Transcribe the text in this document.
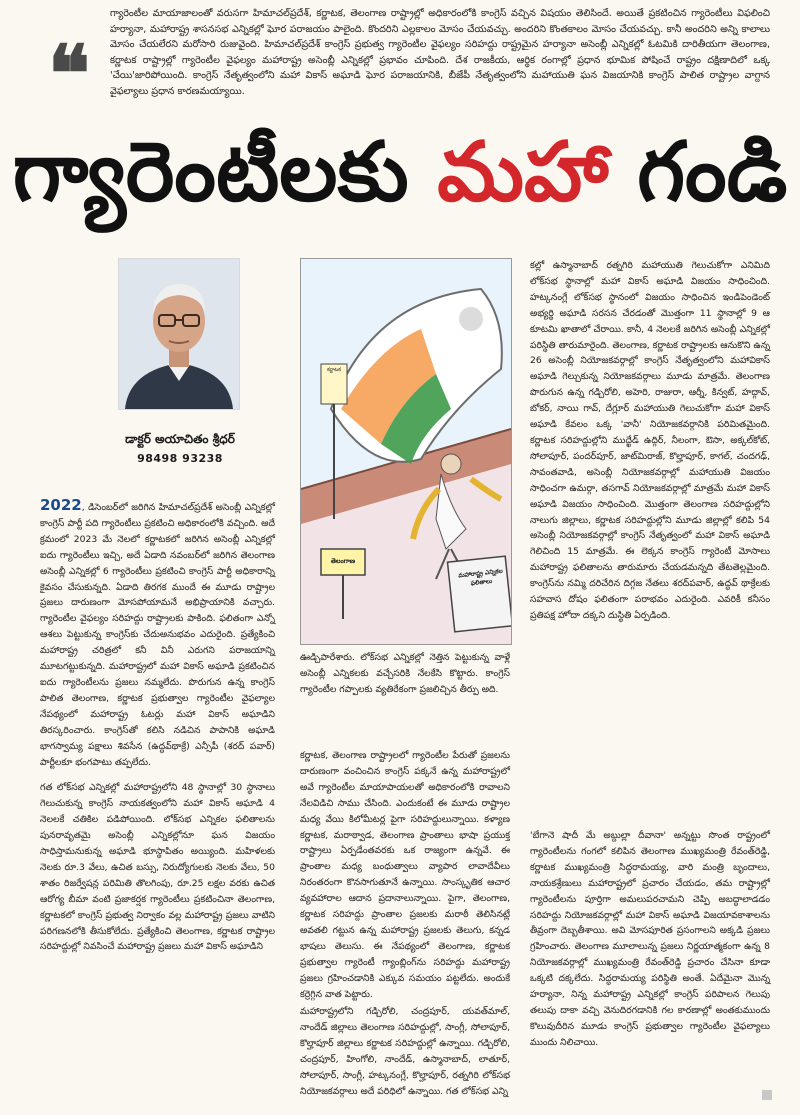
❝
గ్యారెంటీల మాయాజాలంతో వరుసగా హిమాచల్‌ప్రదేశ్, కర్ణాటక, తెలంగాణ రాష్ట్రాల్లో అధికారంలోకి కాంగ్రెస్ వచ్చిన విషయం తెలిసిందే. అయితే ప్రకటించిన గ్యారెంటీలు విఫలించి హర్యానా, మహారాష్ట్ర శాసనసభ ఎన్నికల్లో ఘోర పరాజయం పాలైంది. కొందరిని ఎల్లకాలం మోసం చేయవచ్చు. అందరిని కొంతకాలం మోసం చేయవచ్చు. కానీ అందరిని అన్ని కాలాలు మోసం చేయలేరని మరోసారి రుజువైంది. హిమాచల్‌ప్రదేశ్ కాంగ్రెస్ ప్రభుత్వ గ్యారెంటీల వైఫల్యం సరిహద్దు రాష్ట్రమైన హర్యానా అసెంబ్లీ ఎన్నికల్లో ఓటమికి దారితీయగా తెలంగాణ, కర్ణాటక రాష్ట్రాల్లో గ్యారెంటీల వైఫల్యం మహారాష్ట్ర అసెంబ్లీ ఎన్నికల్లో ప్రభావం చూపింది. దేశ రాజకీయ, ఆర్థిక రంగాల్లో ప్రధాన భూమిక పోషించే రాష్ట్రం దక్షిణాదిలో ఒక్క 'చేయి'జారిపోయింది. కాంగ్రెస్ నేతృత్వంలోని మహా వికాస్ అఘాడి ఘోర పరాజయానికి, బీజేపీ నేతృత్వంలోని మహాయుతి ఘన విజయానికి కాంగ్రెస్ పాలిత రాష్ట్రాల వాగ్దాన వైఫల్యాలు ప్రధాన కారణమయ్యాయి.
గ్యారెంటీలకు మహా గండి
డాక్టర్ అయాచితం శ్రీధర్
98498 93238

2022, డిసెంబర్‌లో జరిగిన హిమాచల్‌ప్రదేశ్ అసెంబ్లీ ఎన్నికల్లో కాంగ్రెస్ పార్టీ పది గ్యారెంటీలు ప్రకటించి అధికారంలోకి వచ్చింది. అదే క్రమంలో 2023 మే నెలలో కర్ణాటకలో జరిగిన అసెంబ్లీ ఎన్నికల్లో ఐదు గ్యారెంటీలు ఇచ్చి, అదే ఏడాది నవంబర్‌లో జరిగిన తెలంగాణ అసెంబ్లీ ఎన్నికల్లో 6 గ్యారెంటీలు ప్రకటించి కాంగ్రెస్ పార్టీ అధికారాన్ని కైవసం చేసుకున్నది. ఏడాది తిరగక ముందే ఈ మూడు రాష్ట్రాల ప్రజలు దారుణంగా మోసపోయామనే అభిప్రాయానికి వచ్చారు. గ్యారెంటీల వైఫల్యం సరిహద్దు రాష్ట్రాలకు పాకింది. ఫలితంగా ఎన్నో ఆశలు పెట్టుకున్న కాంగ్రెస్‌కు చేదుఅనుభవం ఎదురైంది. ప్రత్యేకించి మహారాష్ట్ర చరిత్రలో కనీ వినీ ఎరుగని పరాజయాన్ని మూటగట్టుకున్నది. మహారాష్ట్రలో మహా వికాస్ అఘాడి ప్రకటించిన ఐదు గ్యారెంటీలను ప్రజలు నమ్మలేదు. పొరుగున ఉన్న కాంగ్రెస్ పాలిత తెలంగాణ, కర్ణాటక ప్రభుత్వాల గ్యారెంటీల వైఫల్యాల నేపథ్యంలో మహారాష్ట్ర ఓటర్లు మహా వికాస్ అఘాడిని తిరస్కరించారు. కాంగ్రెస్‌తో కలిసి నడిచిన పాపానికి అఘాడి భాగస్వామ్య పక్షాలు శివసేన (ఉద్ధవ్‌థాక్రే) ఎన్సీపీ (శరద్ పవార్) పార్టీలకూ భంగపాటు తప్పలేదు.

గత లోక్‌సభ ఎన్నికల్లో మహారాష్ట్రలోని 48 స్థానాల్లో 30 స్థానాలు గెలుచుకున్న కాంగ్రెస్ నాయకత్వంలోని మహా వికాస్ అఘాడి 4 నెలలకే చతికిల పడిపోయింది. లోక్‌సభ ఎన్నికల ఫలితాలను పునరావృతమై అసెంబ్లీ ఎన్నికల్లోనూ ఘన విజయం సాధిస్తామనుకున్న అఘాడి భూస్థాపితం అయ్యింది. మహిళలకు నెలకు రూ.3 వేలు, ఉచిత బస్సు, నిరుద్యోగులకు నెలకు వేలు, 50 శాతం రిజర్వేషన్ల పరిమితి తొలగింపు, రూ.25 లక్షల వరకు ఉచిత ఆరోగ్య బీమా వంటి ప్రజాకర్షక గ్యారెంటీలు ప్రకటించినా తెలంగాణ, కర్ణాటకలో కాంగ్రెస్ ప్రభుత్వ నిర్వాకం వల్ల మహారాష్ట్ర ప్రజలు వాటిని పరిగణనలోకి తీసుకోలేదు. ప్రత్యేకించి తెలంగాణ, కర్ణాటక రాష్ట్రాల సరిహద్దుల్లో నివసించే మహారాష్ట్ర ప్రజలు మహా వికాస్ అఘాడిని

కర్ణాటక
తెలంగాణ
మహారాష్ట్ర ఎన్నికల ఫలితాలు
ఊడ్చిపారేశారు. లోక్‌సభ ఎన్నికల్లో నెత్తిన పెట్టుకున్న వాళ్లే అసెంబ్లీ ఎన్నికలకు వచ్చేసరికి నేలకేసి కొట్టారు. కాంగ్రెస్ గ్యారెంటీల గప్పాలకు వ్యతిరేకంగా ప్రజలిచ్చిన తీర్పు అది.
కర్ణాటక, తెలంగాణ రాష్ట్రాలలో గ్యారెంటీల పేరుతో ప్రజలను దారుణంగా వంచించిన కాంగ్రెస్ పక్కనే ఉన్న మహారాష్ట్రలో అవే గ్యారెంటీల మాయాపాయలతో అధికారంలోకి రావాలని నేలవిడిచి సాము చేసింది. ఎందుకంటే ఈ మూడు రాష్ట్రాల మధ్య వేయి కిలోమీటర్ల పైగా సరిహద్దులున్నాయి. కళ్యాణ కర్ణాటక, మరాఠ్వాడ, తెలంగాణ ప్రాంతాలు భాషా ప్రయుక్త రాష్ట్రాలు ఏర్పడేంతవరకు ఒక రాజ్యంగా ఉన్నవే. ఈ ప్రాంతాల మధ్య బంధుత్వాలు వ్యాపార లావాదేవీలు నిరంతరంగా కొనసాగుతూనే ఉన్నాయి. సాంస్కృతిక ఆచార వ్యవహారాల ఆదాన ప్రదానాలున్నాయి. పైగా, తెలంగాణ, కర్ణాటక సరిహద్దు ప్రాంతాల ప్రజలకు మరాఠీ తెలిసినట్లే అవతలి గట్టున ఉన్న మహారాష్ట్ర ప్రజలకు తెలుగు, కన్నడ భాషలు తెలుసు. ఈ నేపథ్యంలో తెలంగాణ, కర్ణాటక ప్రభుత్వాల గ్యారెంటీ గ్యాంబ్లింగ్‌ను సరిహద్దు మహారాష్ట్ర ప్రజలు గ్రహించడానికి ఎక్కువ సమయం పట్టలేదు. అందుకే కర్రెగ్గిన వాత పెట్టారు.
మహారాష్ట్రలోని గడ్చిరోలి, చంద్రపూర్, యవత్‌మాల్, నాందేడ్ జిల్లాలు తెలంగాణ సరిహద్దుల్లో, సాంగ్లీ, సోలాపూర్, కొల్హాపూర్ జిల్లాలు కర్ణాటక సరిహద్దుల్లో ఉన్నాయి. గడ్చిరోలి, చంద్రపూర్, హింగోలి, నాందేడ్, ఉస్మానాబాద్, లాతూర్, సోలాపూర్, సాంగ్లీ, హట్కనంగ్లే, కొల్హాపూర్, రత్నగిరి లోక్‌సభ నియోజకవర్గాలు అదే పరిధిలో ఉన్నాయి. గత లోక్‌సభ ఎన్ని
కల్లో ఉస్మానాబాద్ రత్నగిరి మహాయుతి గెలుచుకోగా ఎనిమిది లోక్‌సభ స్థానాల్లో మహా వికాస్ అఘాడి విజయం సాధించింది. హట్కనంగ్లే లోక్‌సభ స్థానంలో విజయం సాధించిన ఇండిపెండెంట్ అభ్యర్థి అఘాడి సరసన చేరడంతో మొత్తంగా 11 స్థానాల్లో 9 ఆ కూటమి ఖాతాలో చేరాయి. కానీ, 4 నెలలకే జరిగిన అసెంబ్లీ ఎన్నికల్లో పరిస్థితి తారుమారైంది. తెలంగాణ, కర్ణాటక రాష్ట్రాలకు ఆనుకొని ఉన్న 26 అసెంబ్లీ నియోజకవర్గాల్లో కాంగ్రెస్ నేతృత్వంలోని మహావికాస్ అఘాడి గెల్చుకున్న నియోజకవర్గాలు మూడు మాత్రమే. తెలంగాణ పొరుగున ఉన్న గడ్చిరోలి, అహెరి, రాజురా, ఆర్నీ, కిన్వట్, హద్గావ్, బోకర్, నాయి గావ్, దేగ్లూర్ మహాయుతి గెలుచుకోగా మహా వికాస్ అఘాడి కేవలం ఒక్క 'వానీ' నియోజకవర్గానికి పరిమితమైంది. కర్ణాటక సరిహద్దుల్లోని ముద్ఖేడ్ ఉద్గిర్, నీలంగా, ఔసా, అక్కల్‌కోట్, సోలాపూర్, పందర్‌పూర్, జాట్‌మిరాజ్, కొల్హాపూర్, కాగల్, చందగఢ్, సావంతవాడి, అసెంబ్లీ నియోజకవర్గాల్లో మహాయుతి విజయం సాధించగా ఉమర్గా, తసగావ్ నియోజకవర్గాల్లో మాత్రమే మహా వికాస్ అఘాడి విజయం సాధించింది. మొత్తంగా తెలంగాణ సరిహద్దుల్లోని నాలుగు జిల్లాలు, కర్ణాటక సరిహద్దుల్లోని మూడు జిల్లాల్లో కలిపి 54 అసెంబ్లీ నియోజకవర్గాల్లో కాంగ్రెస్ నేతృత్వంలో మహా వికాస్ అఘాడి గెలిచింది 15 మాత్రమే. ఈ లెక్కన కాంగ్రెస్ గ్యారెంటీ మోసాలు మహారాష్ట్ర ఫలితాలను తారుమారు చేయడమన్నది తేటతెల్లమైంది. కాంగ్రెస్‌ను నమ్మి దరిచేరిన దిగ్గజ నేతలు శరద్‌పవార్, ఉద్ధవ్ థాక్రేలకు సహవాస దోషం ఫలితంగా పరాభవం ఎదురైంది. ఎవరికీ కనీసం ప్రతిపక్ష హోదా దక్కని దుస్థితి ఏర్పడింది.
'బేగానె షాదీ మే అబ్దుల్లా దీవానా' అన్నట్టు సొంత రాష్ట్రంలో గ్యారెంటీలను గంగలో కలిపిన తెలంగాణ ముఖ్యమంత్రి రేవంత్‌రెడ్డి, కర్ణాటక ముఖ్యమంత్రి సిద్ధరామయ్య, వారి మంత్రి బృందాలు, నాయకశ్రేణులు మహారాష్ట్రలో ప్రచారం చేయడం, తమ రాష్ట్రాల్లో గ్యారెంటీలను పూర్తిగా అమలుపరచామని చెప్పి అబద్ధాలాడడం సరిహద్దు నియోజకవర్గాల్లో మహా వికాస్ అఘాడి విజయావకాశాలను తీవ్రంగా దెబ్బతీశాయి. అవి మోసపూరిత ప్రసంగాలని అక్కడి ప్రజలు గ్రహించారు. తెలంగాణ మూలాలున్న ప్రజలు నిర్ణయాత్మకంగా ఉన్న 8 నియోజకవర్గాల్లో ముఖ్యమంత్రి రేవంత్‌రెడ్డి ప్రచారం చేసినా కూడా ఒక్కటి దక్కలేదు. సిద్ధరామయ్య పరిస్థితి అంతే. ఏదేమైనా మొన్న హర్యానా, నిన్న మహారాష్ట్ర ఎన్నికల్లో కాంగ్రెస్ పరిపాలన గెలుపు తలుపు దాకా వచ్చి వెనుదిరగడానికి గల కారణాల్లో అంతకుముందు కొలువుదీరిన మూడు కాంగ్రెస్ ప్రభుత్వాల గ్యారెంటీల వైఫల్యాలు ముందు నిలిచాయి.
